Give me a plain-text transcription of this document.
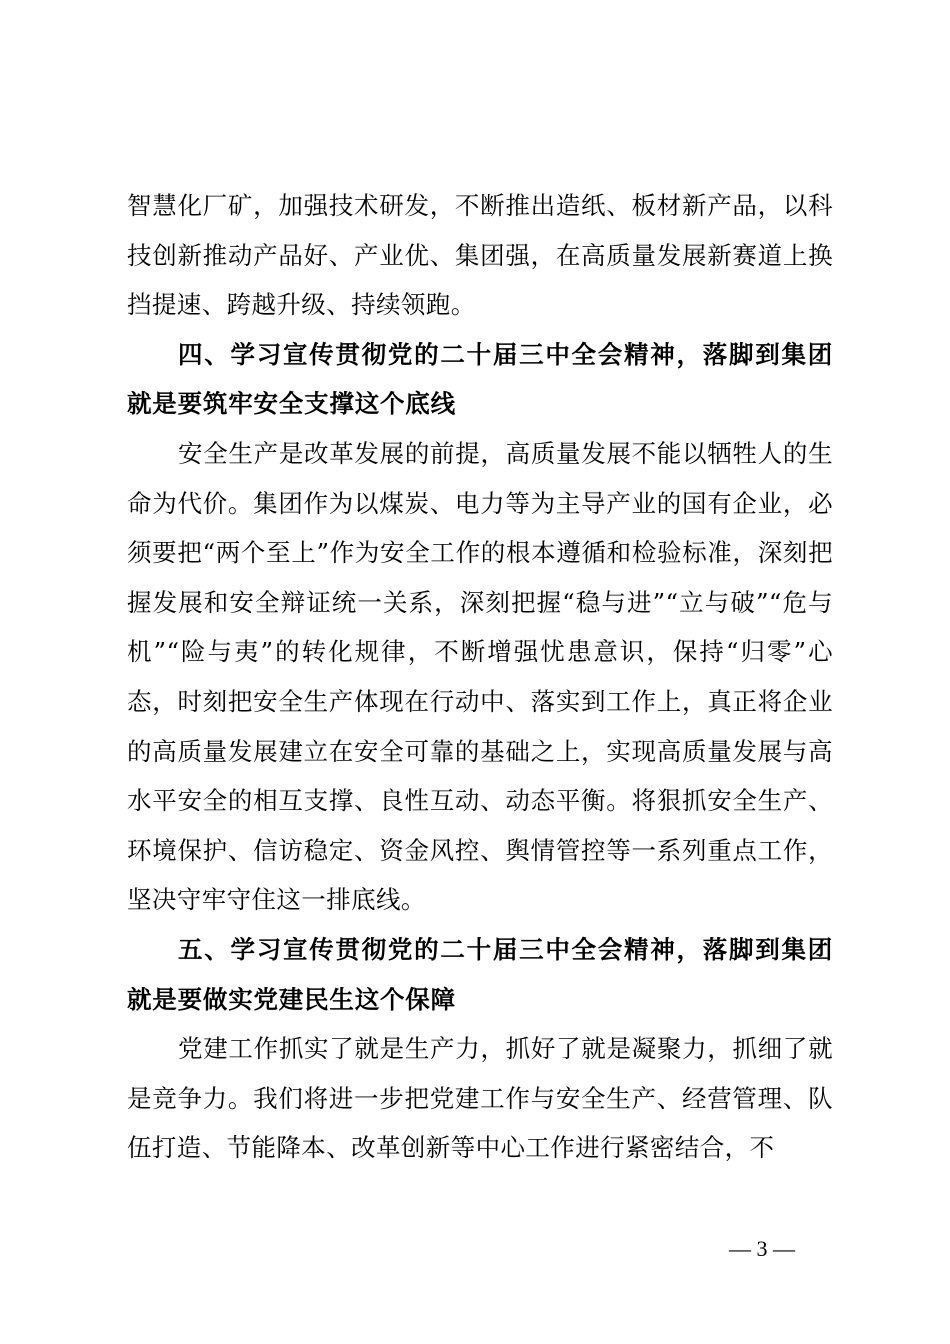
智慧化厂矿，加强技术研发，不断推出造纸、板材新产品，以科技创新推动产品好、产业优、集团强，在高质量发展新赛道上换挡提速、跨越升级、持续领跑。

四、学习宣传贯彻党的二十届三中全会精神，落脚到集团就是要筑牢安全支撑这个底线

安全生产是改革发展的前提，高质量发展不能以牺牲人的生命为代价。集团作为以煤炭、电力等为主导产业的国有企业，必须要把“两个至上”作为安全工作的根本遵循和检验标准，深刻把握发展和安全辩证统一关系，深刻把握“稳与进”“立与破”“危与机”“险与夷”的转化规律，不断增强忧患意识，保持“归零”心态，时刻把安全生产体现在行动中、落实到工作上，真正将企业的高质量发展建立在安全可靠的基础之上，实现高质量发展与高水平安全的相互支撑、良性互动、动态平衡。将狠抓安全生产、环境保护、信访稳定、资金风控、舆情管控等一系列重点工作，坚决守牢守住这一排底线。

五、学习宣传贯彻党的二十届三中全会精神，落脚到集团就是要做实党建民生这个保障

党建工作抓实了就是生产力，抓好了就是凝聚力，抓细了就是竞争力。我们将进一步把党建工作与安全生产、经营管理、队伍打造、节能降本、改革创新等中心工作进行紧密结合，不

— 3 —
